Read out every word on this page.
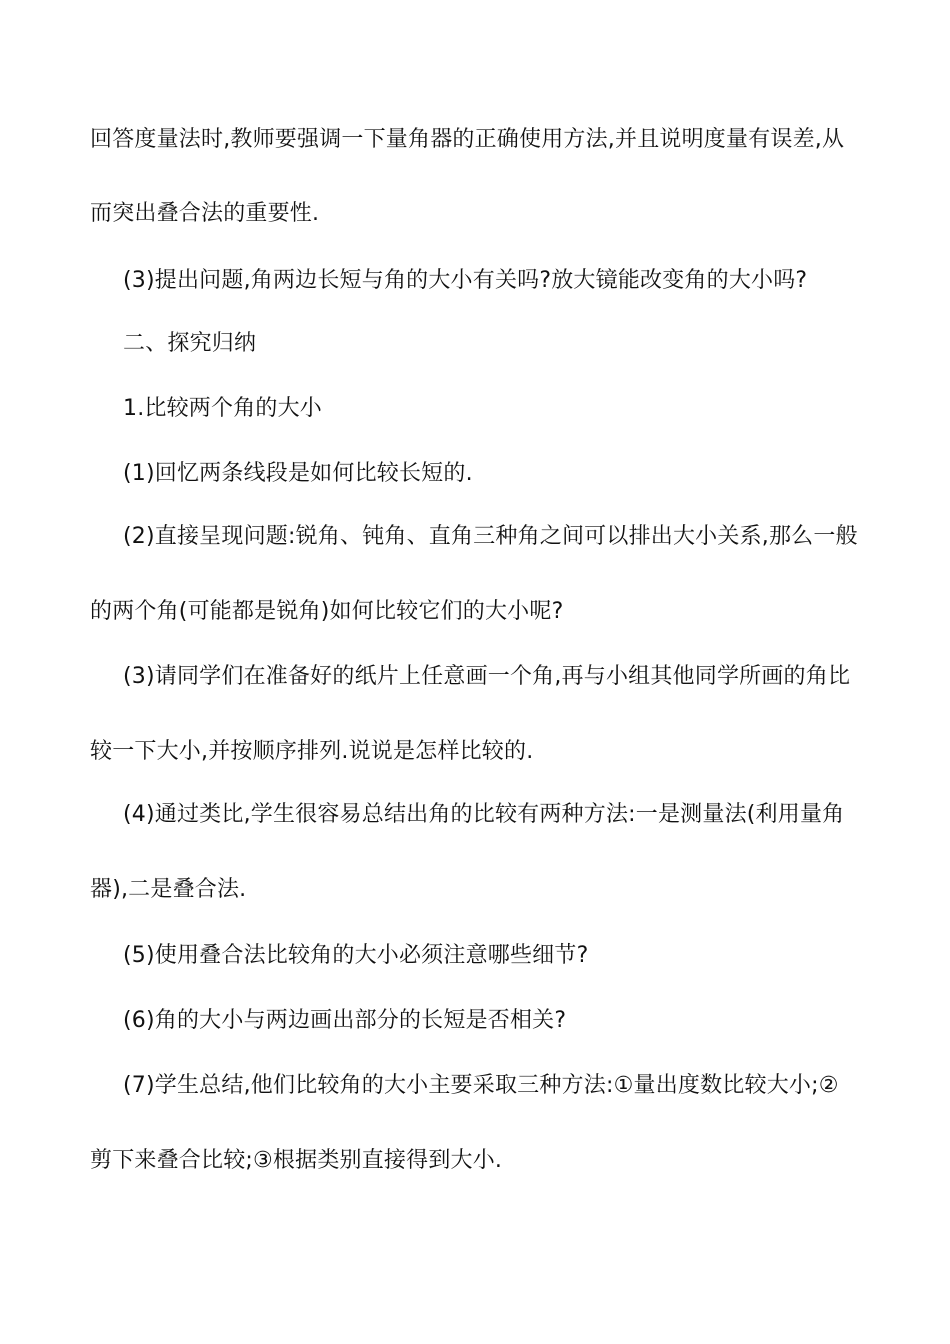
回答度量法时,教师要强调一下量角器的正确使用方法,并且说明度量有误差,从
而突出叠合法的重要性.
(3)提出问题,角两边长短与角的大小有关吗?放大镜能改变角的大小吗?
二、探究归纳
1.比较两个角的大小
(1)回忆两条线段是如何比较长短的.
(2)直接呈现问题:锐角、钝角、直角三种角之间可以排出大小关系,那么一般
的两个角(可能都是锐角)如何比较它们的大小呢?
(3)请同学们在准备好的纸片上任意画一个角,再与小组其他同学所画的角比
较一下大小,并按顺序排列.说说是怎样比较的.
(4)通过类比,学生很容易总结出角的比较有两种方法:一是测量法(利用量角
器),二是叠合法.
(5)使用叠合法比较角的大小必须注意哪些细节?
(6)角的大小与两边画出部分的长短是否相关?
(7)学生总结,他们比较角的大小主要采取三种方法:①量出度数比较大小;②
剪下来叠合比较;③根据类别直接得到大小.
